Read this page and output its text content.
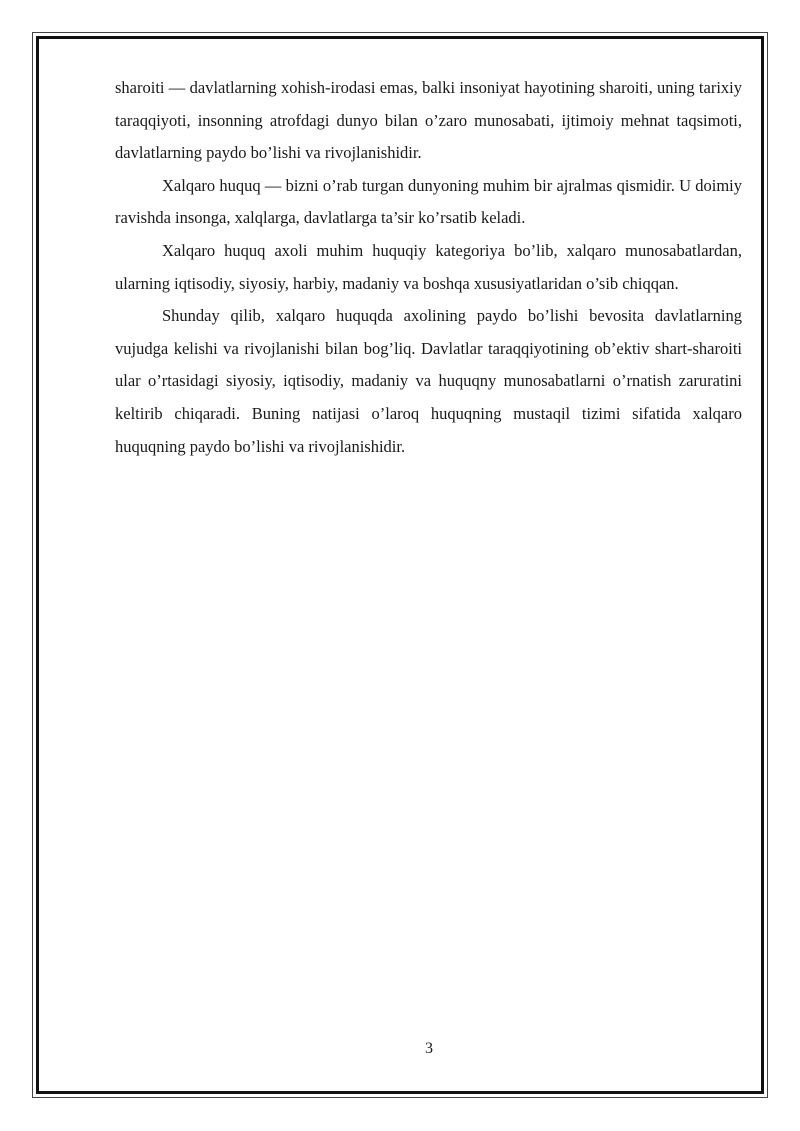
sharoiti — davlatlarning xohish-irodasi emas, balki insoniyat hayotining sharoiti, uning tarixiy taraqqiyoti, insonning atrofdagi dunyo bilan o’zaro munosabati, ijtimoiy mehnat taqsimoti, davlatlarning paydo bo’lishi va rivojlanishidir.

Xalqaro huquq — bizni o’rab turgan dunyoning muhim bir ajralmas qismidir. U doimiy ravishda insonga, xalqlarga, davlatlarga ta’sir ko’rsatib keladi.

Xalqaro huquq axoli muhim huquqiy kategoriya bo’lib, xalqaro munosabatlardan, ularning iqtisodiy, siyosiy, harbiy, madaniy va boshqa xususiyatlaridan o’sib chiqqan.

Shunday qilib, xalqaro huquqda axolining paydo bo’lishi bevosita davlatlarning vujudga kelishi va rivojlanishi bilan bog’liq. Davlatlar taraqqiyotining ob’ektiv shart-sharoiti ular o’rtasidagi siyosiy, iqtisodiy, madaniy va huquqny munosabatlarni o’rnatish zaruratini keltirib chiqaradi. Buning natijasi o’laroq huquqning mustaqil tizimi sifatida xalqaro huquqning paydo bo’lishi va rivojlanishidir.

3
